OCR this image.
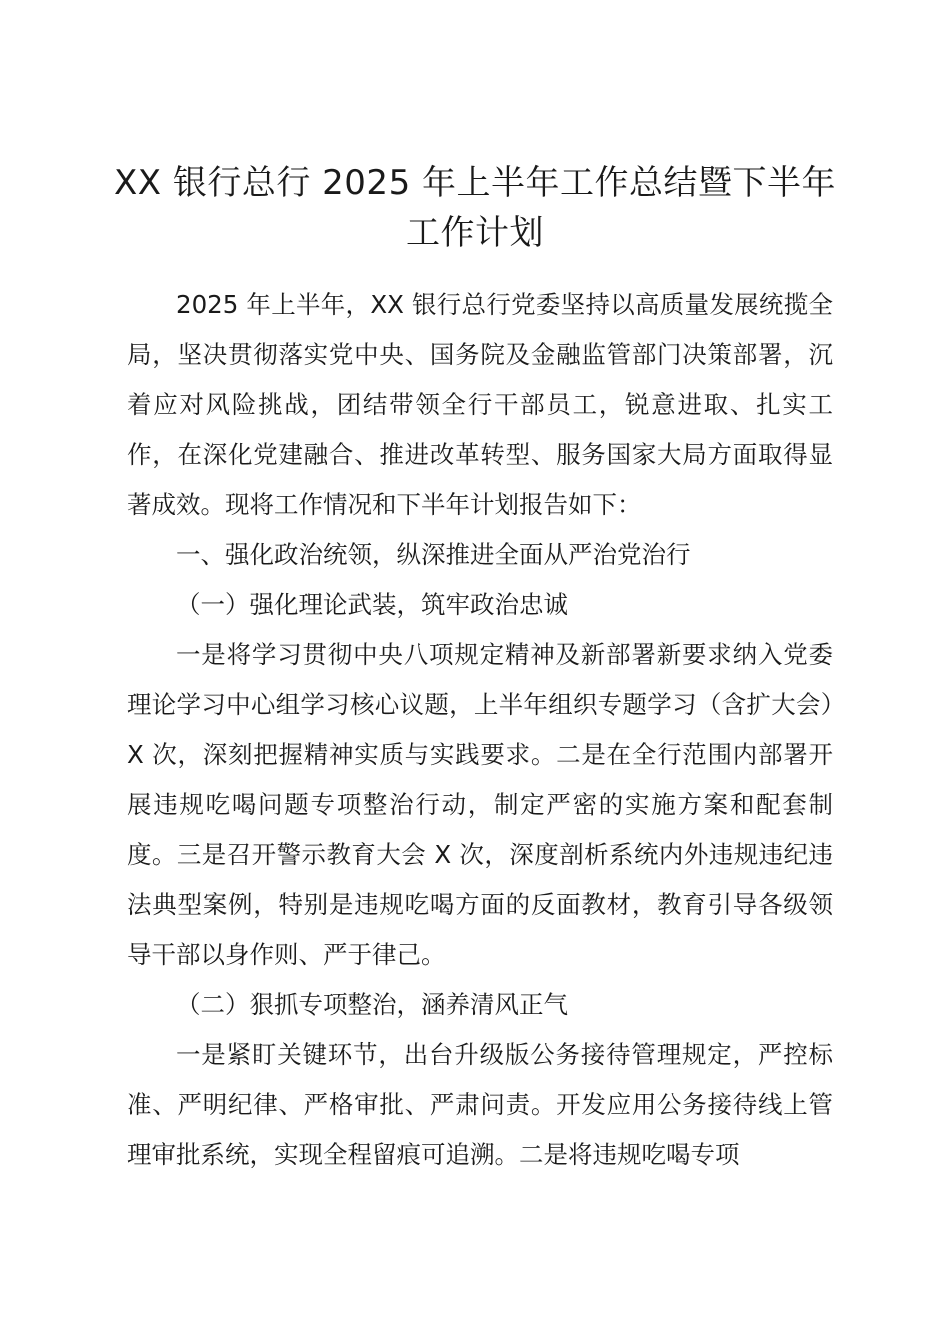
XX 银行总行 2025 年上半年工作总结暨下半年工作计划

2025 年上半年，XX 银行总行党委坚持以高质量发展统揽全局，坚决贯彻落实党中央、国务院及金融监管部门决策部署，沉着应对风险挑战，团结带领全行干部员工，锐意进取、扎实工作，在深化党建融合、推进改革转型、服务国家大局方面取得显著成效。现将工作情况和下半年计划报告如下：

一、强化政治统领，纵深推进全面从严治党治行

（一）强化理论武装，筑牢政治忠诚

一是将学习贯彻中央八项规定精神及新部署新要求纳入党委理论学习中心组学习核心议题，上半年组织专题学习（含扩大会）X 次，深刻把握精神实质与实践要求。二是在全行范围内部署开展违规吃喝问题专项整治行动，制定严密的实施方案和配套制度。三是召开警示教育大会 X 次，深度剖析系统内外违规违纪违法典型案例，特别是违规吃喝方面的反面教材，教育引导各级领导干部以身作则、严于律己。

（二）狠抓专项整治，涵养清风正气

一是紧盯关键环节，出台升级版公务接待管理规定，严控标准、严明纪律、严格审批、严肃问责。开发应用公务接待线上管理审批系统，实现全程留痕可追溯。二是将违规吃喝专项
